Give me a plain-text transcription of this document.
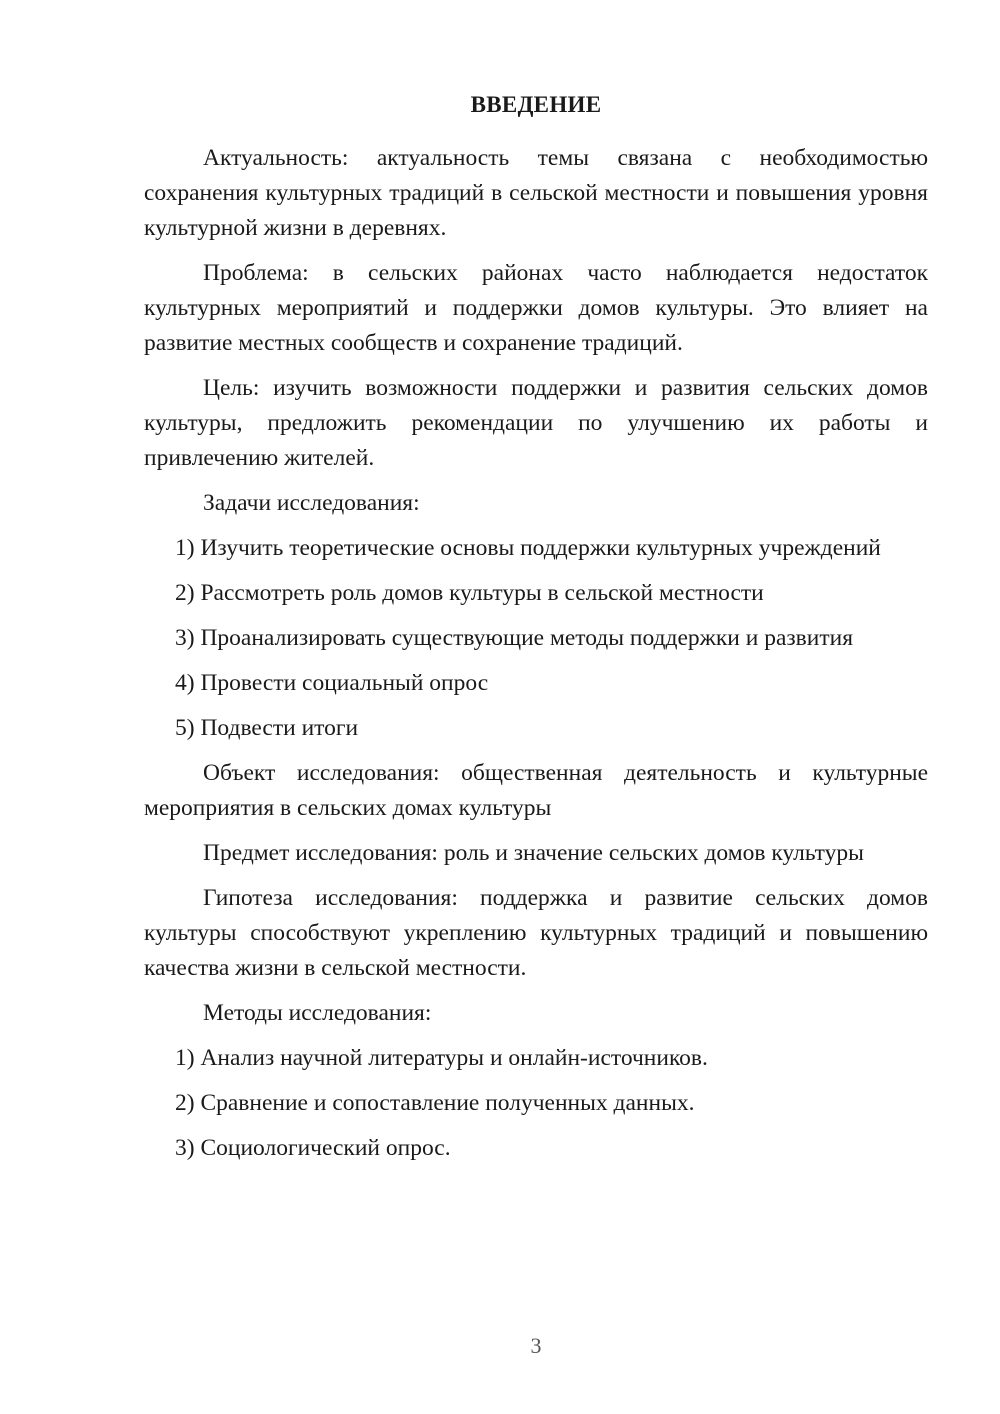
ВВЕДЕНИЕ

Актуальность: актуальность темы связана с необходимостью сохранения культурных традиций в сельской местности и повышения уровня культурной жизни в деревнях.

Проблема: в сельских районах часто наблюдается недостаток культурных мероприятий и поддержки домов культуры. Это влияет на развитие местных сообществ и сохранение традиций.

Цель: изучить возможности поддержки и развития сельских домов культуры, предложить рекомендации по улучшению их работы и привлечению жителей.

Задачи исследования:

1) Изучить теоретические основы поддержки культурных учреждений

2) Рассмотреть роль домов культуры в сельской местности

3) Проанализировать существующие методы поддержки и развития

4) Провести социальный опрос

5) Подвести итоги

Объект исследования: общественная деятельность и культурные мероприятия в сельских домах культуры

Предмет исследования: роль и значение сельских домов культуры

Гипотеза исследования: поддержка и развитие сельских домов культуры способствуют укреплению культурных традиций и повышению качества жизни в сельской местности.

Методы исследования:

1) Анализ научной литературы и онлайн-источников.

2) Сравнение и сопоставление полученных данных.

3) Социологический опрос.

3
